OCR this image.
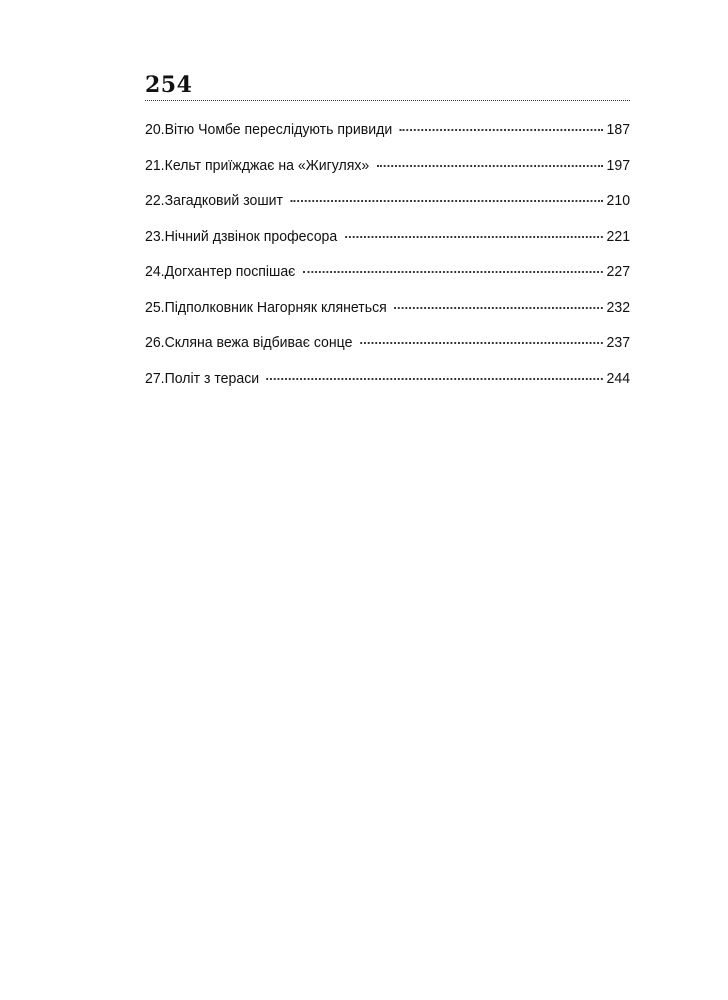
254
20.Вітю Чомбе переслідують привиди	187
21.Кельт приїжджає на «Жигулях»	197
22.Загадковий зошит	210
23.Нічний дзвінок професора	221
24.Догхантер поспішає	227
25.Підполковник Нагорняк клянеться	232
26.Скляна вежа відбиває сонце	237
27.Політ з тераси	244
